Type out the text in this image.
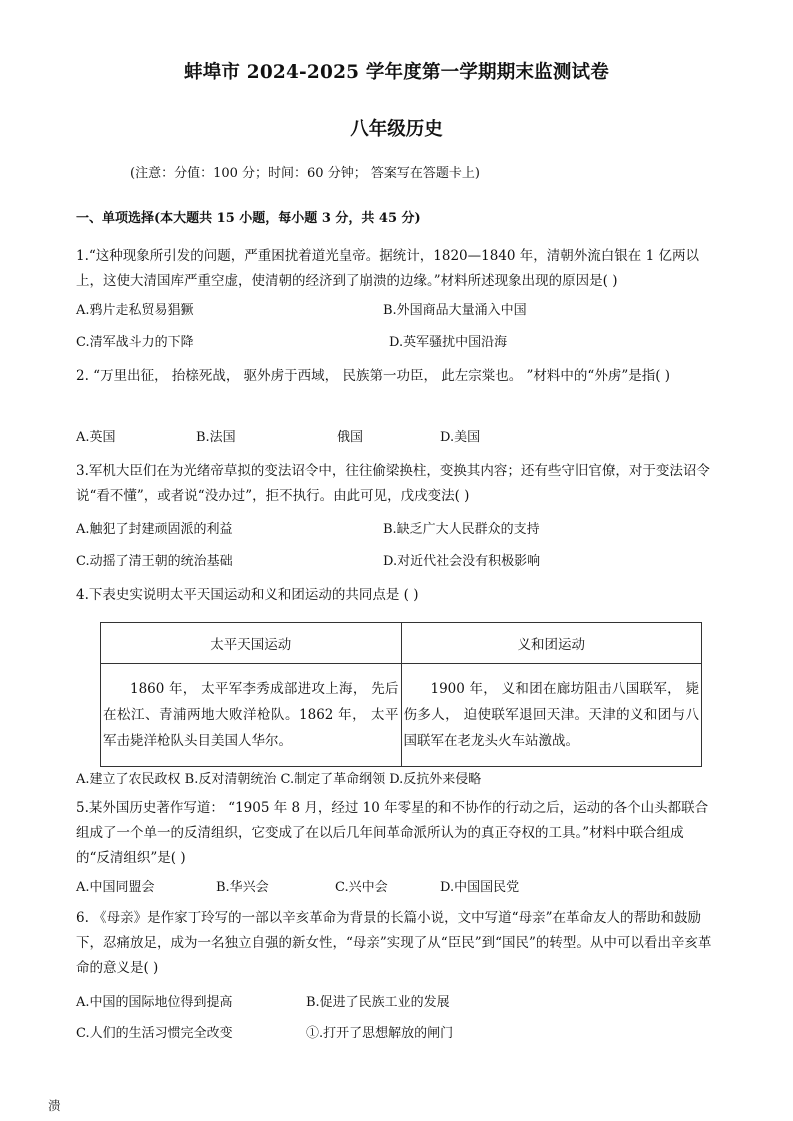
蚌埠市 2024-2025 学年度第一学期期末监测试卷
八年级历史
(注意：分值：100 分；时间：60 分钟； 答案写在答题卡上)
一、单项选择(本大题共 15 小题，每小题 3 分，共 45 分)
1.“这种现象所引发的问题，严重困扰着道光皇帝。据统计，1820—1840 年，清朝外流白银在 1 亿两以上，这使大清国库严重空虚，使清朝的经济到了崩溃的边缘。”材料所述现象出现的原因是( )
A.鸦片走私贸易猖獗	B.外国商品大量涌入中国
C.清军战斗力的下降	D.英军骚扰中国沿海
2. “万里出征， 抬榇死战， 驱外虏于西域， 民族第一功臣， 此左宗棠也。 ”材料中的“外虏”是指( )
A.英国	B.法国	俄国	D.美国
3.军机大臣们在为光绪帝草拟的变法诏令中，往往偷梁换柱，变换其内容；还有些守旧官僚，对于变法诏令说“看不懂”，或者说“没办过”，拒不执行。由此可见，戊戌变法( )
A.触犯了封建顽固派的利益	B.缺乏广大人民群众的支持
C.动摇了清王朝的统治基础	D.对近代社会没有积极影响
4.下表史实说明太平天国运动和义和团运动的共同点是 ( )
太平天国运动	义和团运动
1860 年， 太平军李秀成部进攻上海， 先后在松江、青浦两地大败洋枪队。1862 年， 太平军击毙洋枪队头目美国人华尔。	1900 年， 义和团在廊坊阻击八国联军， 毙伤多人， 迫使联军退回天津。天津的义和团与八国联军在老龙头火车站激战。
A.建立了农民政权 B.反对清朝统治 C.制定了革命纲领 D.反抗外来侵略
5.某外国历史著作写道： “1905 年 8 月，经过 10 年零星的和不协作的行动之后，运动的各个山头都联合组成了一个单一的反清组织，它变成了在以后几年间革命派所认为的真正夺权的工具。”材料中联合组成的“反清组织”是( )
A.中国同盟会	B.华兴会	C.兴中会	D.中国国民党
6. 《母亲》是作家丁玲写的一部以辛亥革命为背景的长篇小说，文中写道“母亲”在革命友人的帮助和鼓励下，忍痛放足，成为一名独立自强的新女性，“母亲”实现了从“臣民”到“国民”的转型。从中可以看出辛亥革命的意义是( )
A.中国的国际地位得到提高	B.促进了民族工业的发展
C.人们的生活习惯完全改变	①.打开了思想解放的闸门
溃
